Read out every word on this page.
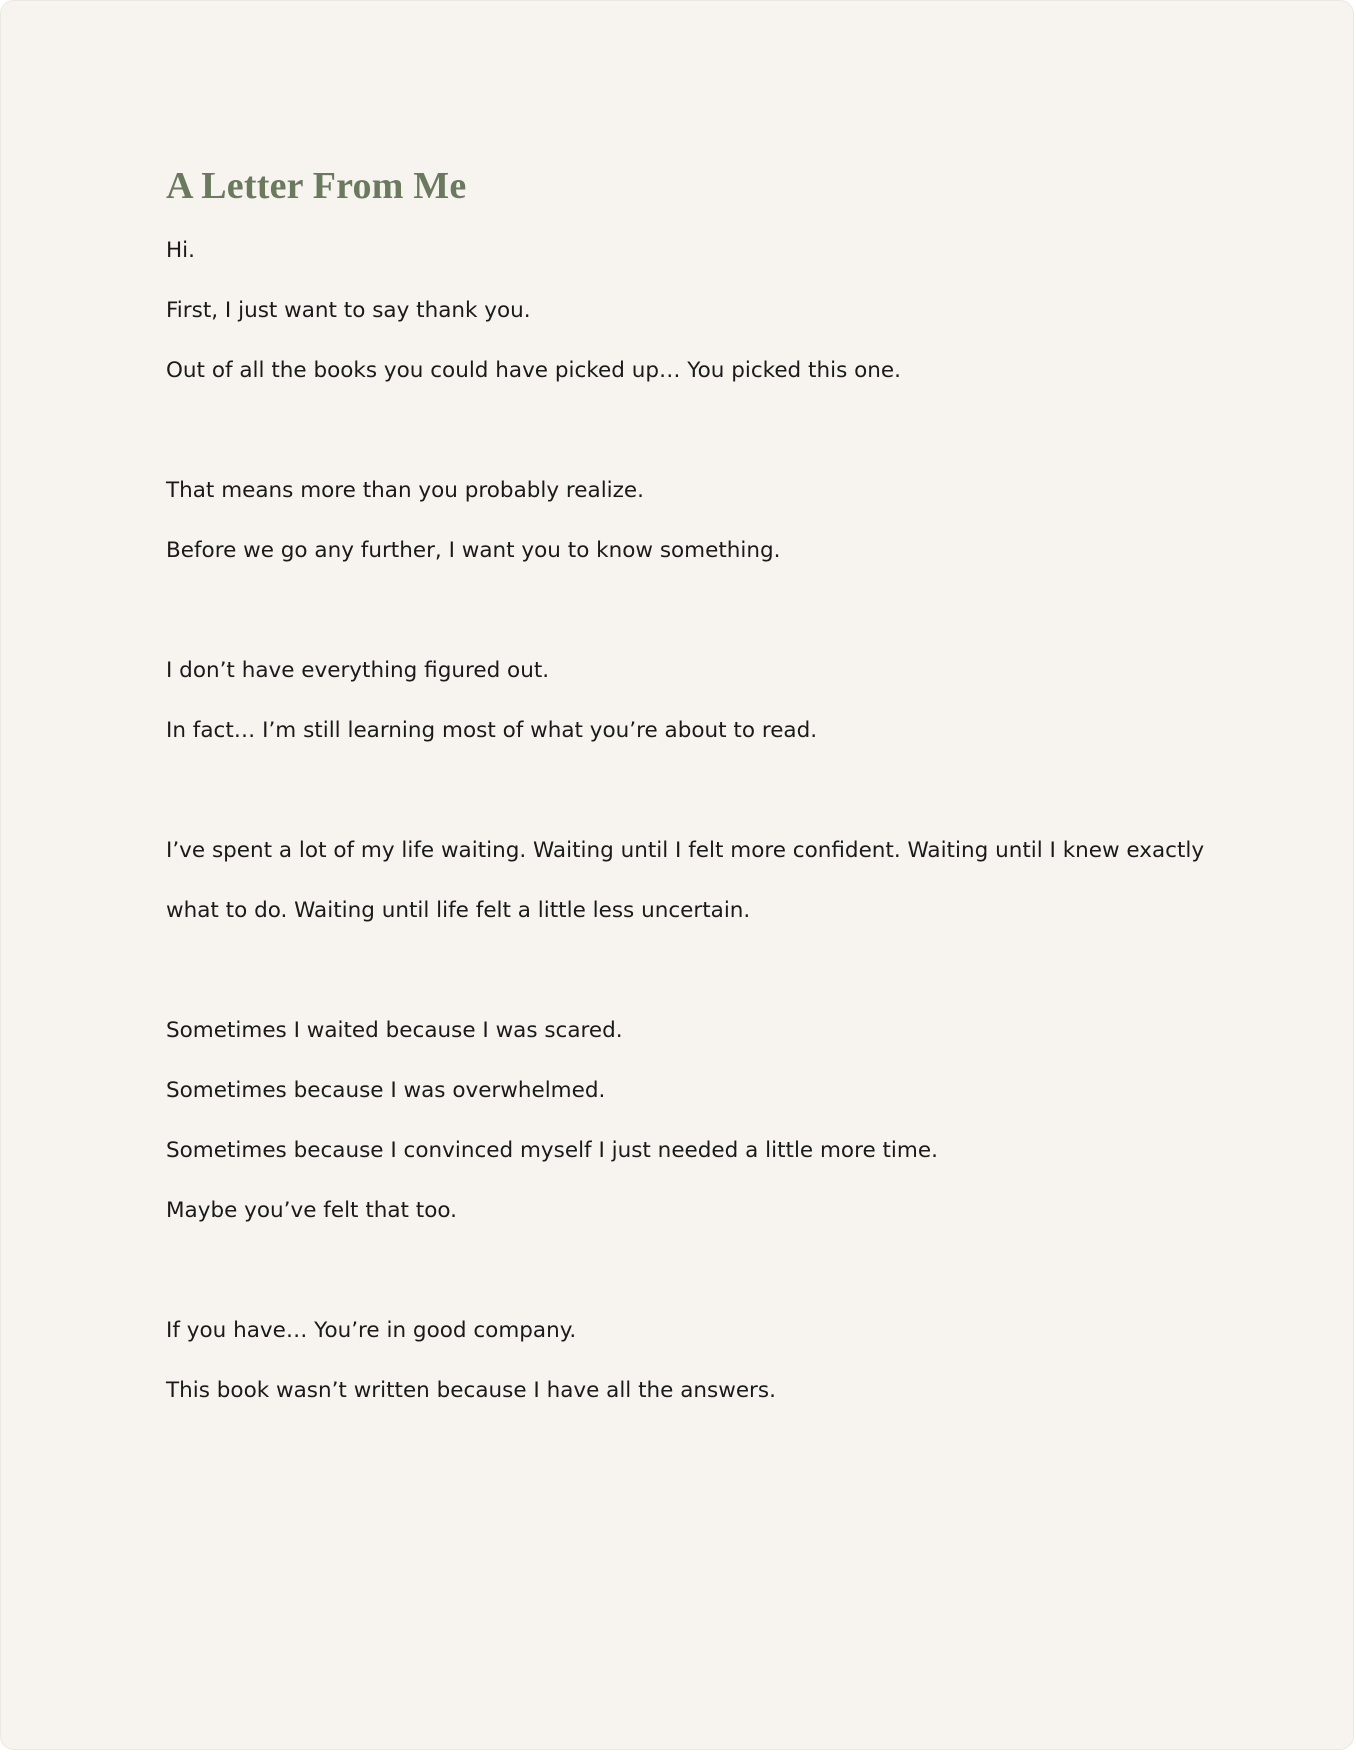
A Letter From Me

Hi.

First, I just want to say thank you.

Out of all the books you could have picked up… You picked this one.

That means more than you probably realize.

Before we go any further, I want you to know something.

I don’t have everything figured out.

In fact… I’m still learning most of what you’re about to read.

I’ve spent a lot of my life waiting. Waiting until I felt more confident. Waiting until I knew exactly what to do. Waiting until life felt a little less uncertain.

Sometimes I waited because I was scared.

Sometimes because I was overwhelmed.

Sometimes because I convinced myself I just needed a little more time.

Maybe you’ve felt that too.

If you have… You’re in good company.

This book wasn’t written because I have all the answers.
